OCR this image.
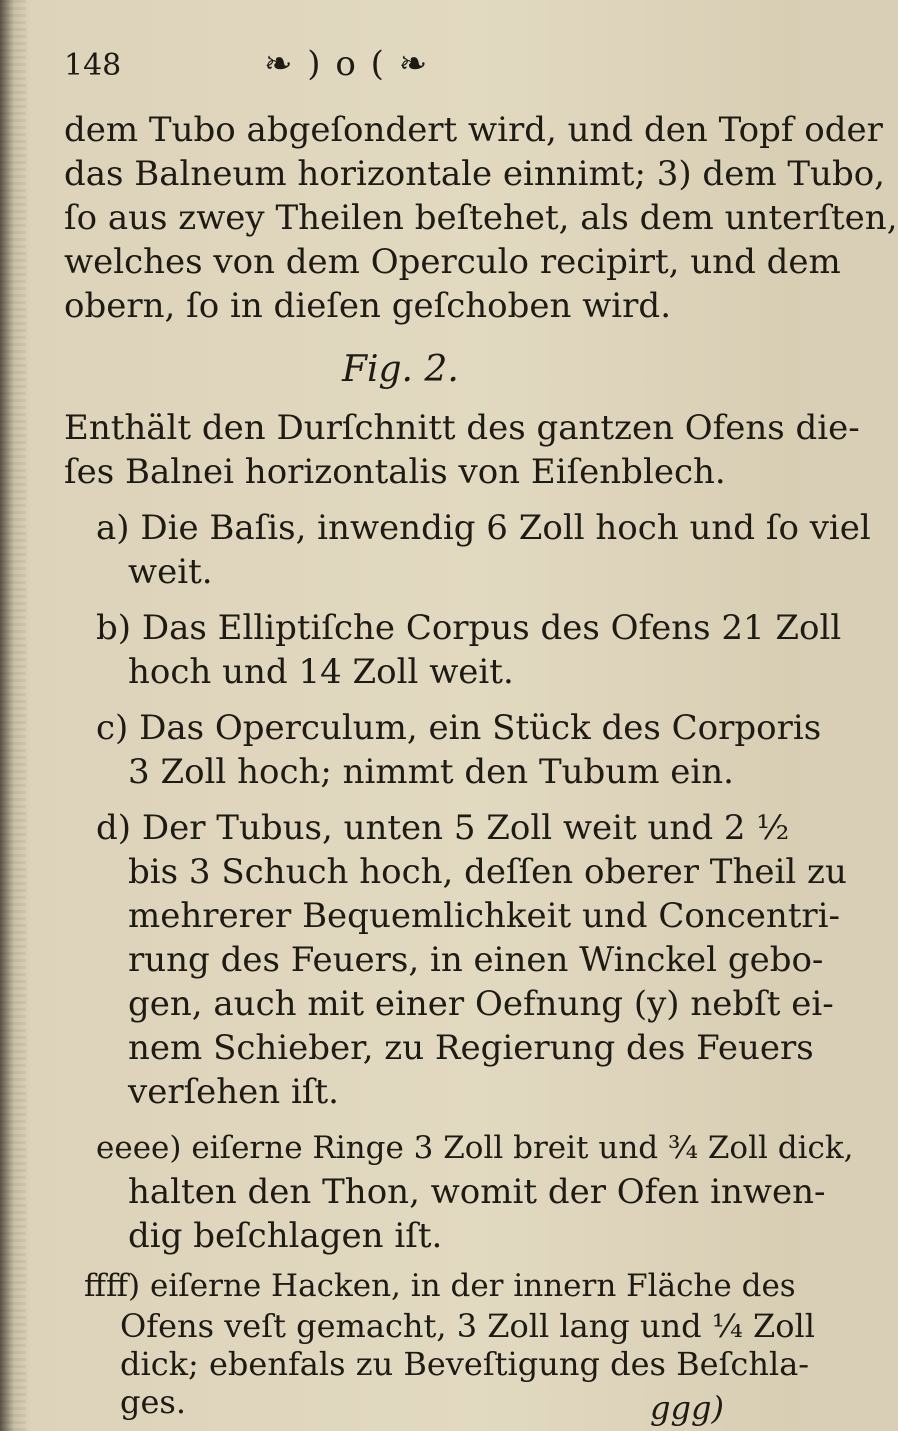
148	❧ ) o ( ❧
dem Tubo abgeſondert wird, und den Topf oder
das Balneum horizontale einnimt; 3) dem Tubo,
ſo aus zwey Theilen beſtehet, als dem unterſten,
welches von dem Operculo recipirt, und dem
obern, ſo in dieſen geſchoben wird.
Fig. 2.
Enthält den Durſchnitt des gantzen Ofens die-
ſes Balnei horizontalis von Eiſenblech.
a) Die Baſis, inwendig 6 Zoll hoch und ſo viel
weit.
b) Das Elliptiſche Corpus des Ofens 21 Zoll
hoch und 14 Zoll weit.
c) Das Operculum, ein Stück des Corporis
3 Zoll hoch; nimmt den Tubum ein.
d) Der Tubus, unten 5 Zoll weit und 2 ½
bis 3 Schuch hoch, deſſen oberer Theil zu
mehrerer Bequemlichkeit und Concentri-
rung des Feuers, in einen Winckel gebo-
gen, auch mit einer Oefnung (y) nebſt ei-
nem Schieber, zu Regierung des Feuers
verſehen iſt.
eeee) eiſerne Ringe 3 Zoll breit und ¾ Zoll dick,
halten den Thon, womit der Ofen inwen-
dig beſchlagen iſt.
ffff) eiſerne Hacken, in der innern Fläche des
Ofens veſt gemacht, 3 Zoll lang und ¼ Zoll
dick; ebenfals zu Beveſtigung des Beſchla-
ges.	ggg)
